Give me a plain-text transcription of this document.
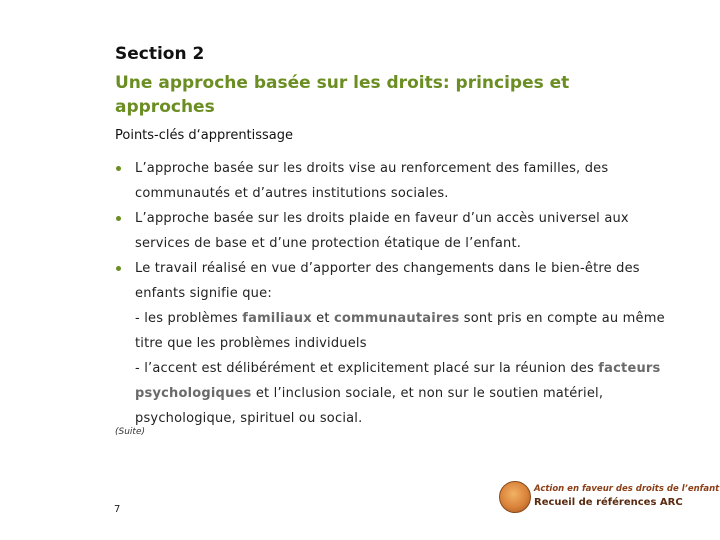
Section 2
Une approche basée sur les droits: principes et approches
Points-clés d‘apprentissage
L’approche basée sur les droits vise au renforcement des familles, des communautés et d’autres institutions sociales.
L’approche basée sur les droits plaide en faveur d’un accès universel aux services de base et d’une protection étatique de l’enfant.
Le travail réalisé en vue d’apporter des changements dans le bien-être des enfants signifie que:
- les problèmes familiaux et communautaires sont pris en compte au même titre que les problèmes individuels
- l’accent est délibérément et explicitement placé sur la réunion des facteurs psychologiques et l’inclusion sociale, et non sur le soutien matériel, psychologique, spirituel ou social.
(Suite)
7
Action en faveur des droits de l’enfant
Recueil de références ARC
